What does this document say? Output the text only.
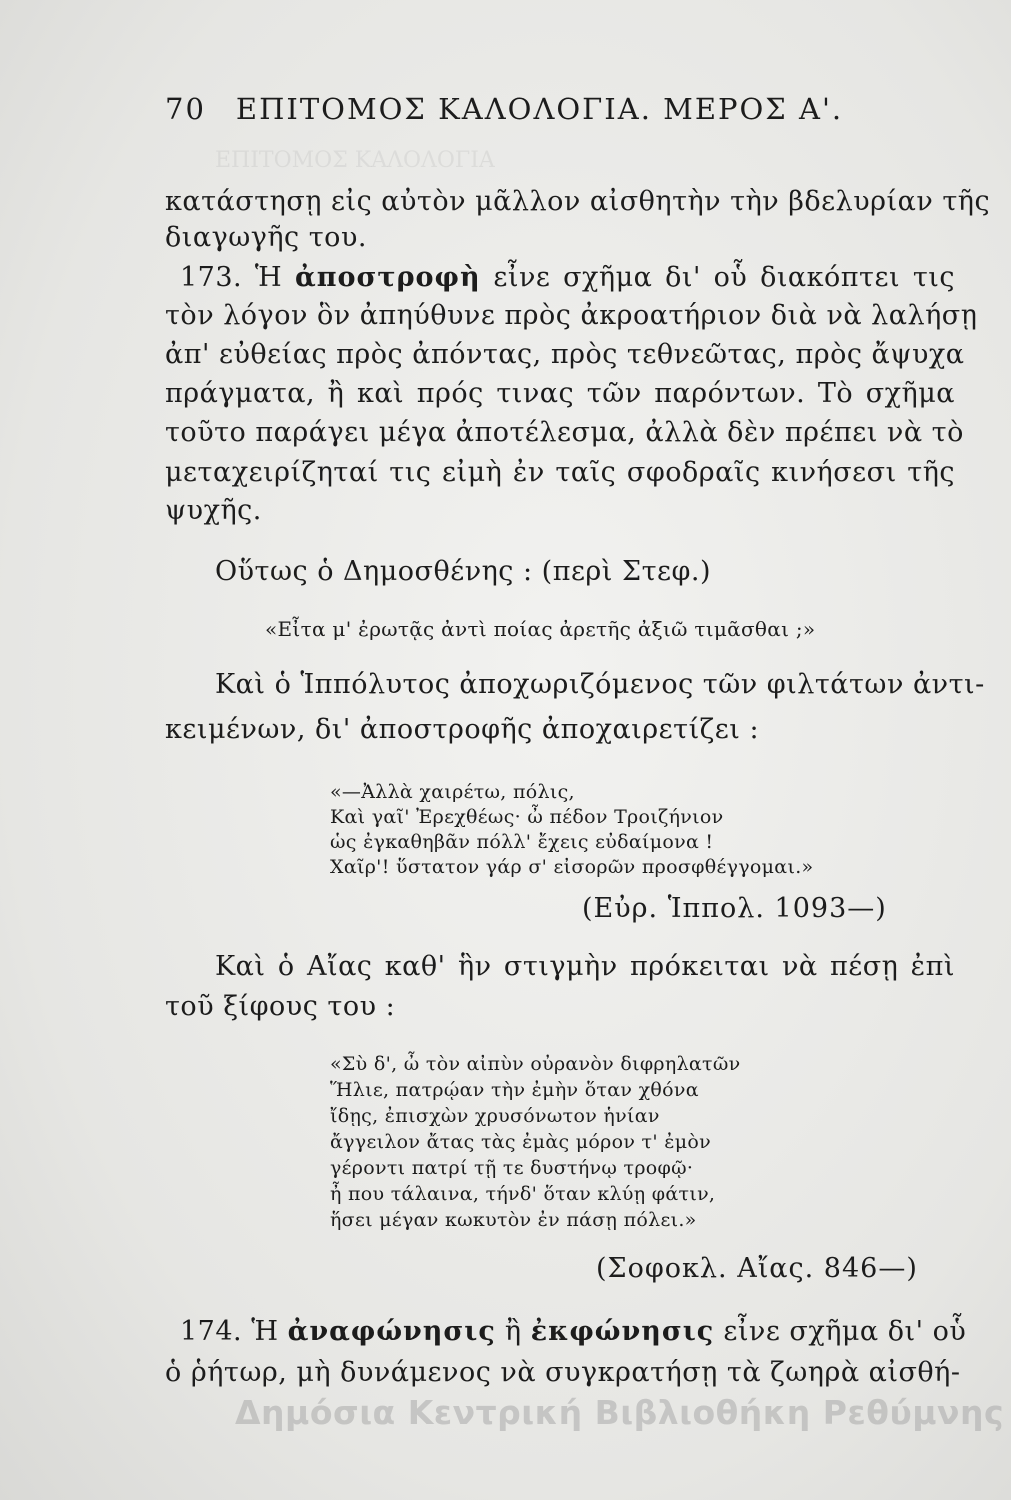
ΕΠΙΤΟΜΟΣ ΚΑΛΟΛΟΓΙΑ
70 ΕΠΙΤΟΜΟΣ ΚΑΛΟΛΟΓΙΑ. ΜΕΡΟΣ Α'.
κατάστησῃ εἰς αὐτὸν μᾶλλον αἰσθητὴν τὴν βδελυρίαν τῆς
διαγωγῆς του.
173. Ἡ ἀποστροφὴ εἶνε σχῆμα δι' οὗ διακόπτει τις
τὸν λόγον ὃν ἀπηύθυνε πρὸς ἀκροατήριον διὰ νὰ λαλήσῃ
ἀπ' εὐθείας πρὸς ἀπόντας, πρὸς τεθνεῶτας, πρὸς ἄψυχα
πράγματα, ἢ καὶ πρός τινας τῶν παρόντων. Τὸ σχῆμα
τοῦτο παράγει μέγα ἀποτέλεσμα, ἀλλὰ δὲν πρέπει νὰ τὸ
μεταχειρίζηταί τις εἰμὴ ἐν ταῖς σφοδραῖς κινήσεσι τῆς
ψυχῆς.
Οὕτως ὁ Δημοσθένης : (περὶ Στεφ.)
«Εἶτα μ' ἐρωτᾷς ἀντὶ ποίας ἀρετῆς ἀξιῶ τιμᾶσθαι ;»
Καὶ ὁ Ἱππόλυτος ἀποχωριζόμενος τῶν φιλτάτων ἀντι-
κειμένων, δι' ἀποστροφῆς ἀποχαιρετίζει :
«—Ἀλλὰ χαιρέτω, πόλις,
Καὶ γαῖ' Ἐρεχθέως· ὦ πέδον Τροιζήνιον
ὡς ἐγκαθηβᾶν πόλλ' ἔχεις εὐδαίμονα !
Χαῖρ'! ὕστατον γάρ σ' εἰσορῶν προσφθέγγομαι.»
(Εὐρ. Ἱππολ. 1093—)
Καὶ ὁ Αἴας καθ' ἣν στιγμὴν πρόκειται νὰ πέσῃ ἐπὶ
τοῦ ξίφους του :
«Σὺ δ', ὦ τὸν αἰπὺν οὐρανὸν διφρηλατῶν
Ἥλιε, πατρῴαν τὴν ἐμὴν ὅταν χθόνα
ἴδῃς, ἐπισχὼν χρυσόνωτον ἡνίαν
ἄγγειλον ἄτας τὰς ἐμὰς μόρον τ' ἐμὸν
γέροντι πατρί τῇ τε δυστήνῳ τροφῷ·
ἦ που τάλαινα, τήνδ' ὅταν κλύῃ φάτιν,
ἥσει μέγαν κωκυτὸν ἐν πάσῃ πόλει.»
(Σοφοκλ. Αἴας. 846—)
174. Ἡ ἀναφώνησις ἢ ἐκφώνησις εἶνε σχῆμα δι' οὗ
ὁ ῥήτωρ, μὴ δυνάμενος νὰ συγκρατήσῃ τὰ ζωηρὰ αἰσθή-
Δημόσια Κεντρική Βιβλιοθήκη Ρεθύμνης
